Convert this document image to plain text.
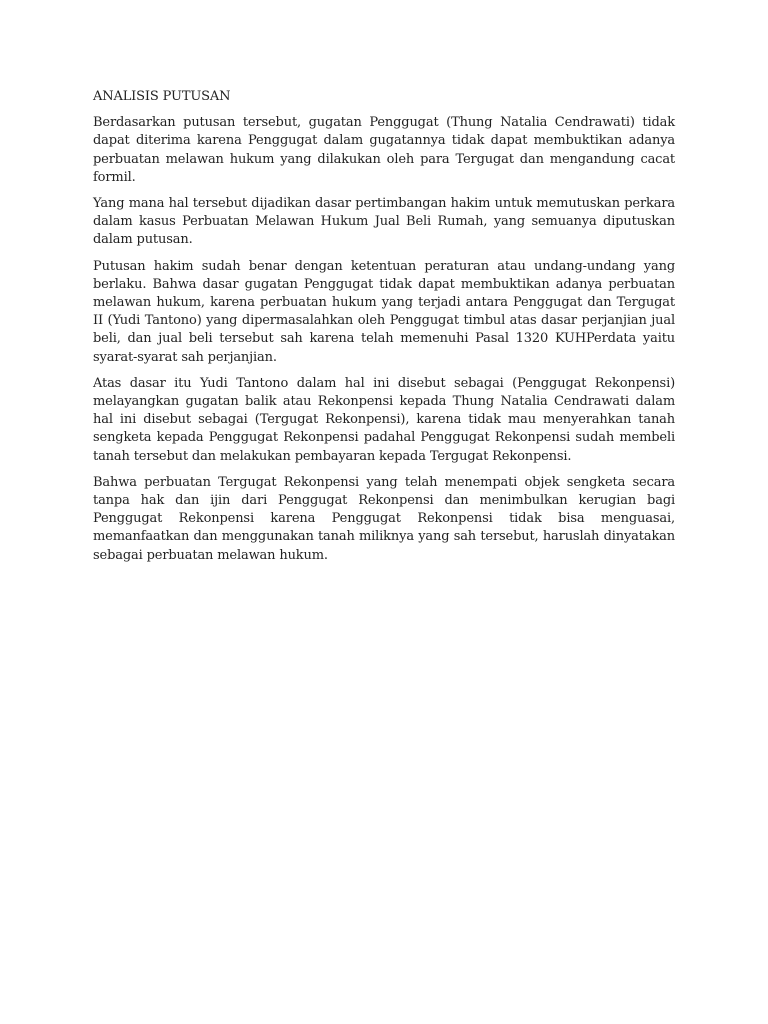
ANALISIS PUTUSAN

Berdasarkan putusan tersebut, gugatan Penggugat (Thung Natalia Cendrawati) tidak dapat diterima karena Penggugat dalam gugatannya tidak dapat membuktikan adanya perbuatan melawan hukum yang dilakukan oleh para Tergugat dan mengandung cacat formil.

Yang mana hal tersebut dijadikan dasar pertimbangan hakim untuk memutuskan perkara dalam kasus Perbuatan Melawan Hukum Jual Beli Rumah, yang semuanya diputuskan dalam putusan.

Putusan hakim sudah benar dengan ketentuan peraturan atau undang-undang yang berlaku. Bahwa dasar gugatan Penggugat tidak dapat membuktikan adanya perbuatan melawan hukum, karena perbuatan hukum yang terjadi antara Penggugat dan Tergugat II (Yudi Tantono) yang dipermasalahkan oleh Penggugat timbul atas dasar perjanjian jual beli, dan jual beli tersebut sah karena telah memenuhi Pasal 1320 KUHPerdata yaitu syarat-syarat sah perjanjian.

Atas dasar itu Yudi Tantono dalam hal ini disebut sebagai (Penggugat Rekonpensi) melayangkan gugatan balik atau Rekonpensi kepada Thung Natalia Cendrawati dalam hal ini disebut sebagai (Tergugat Rekonpensi), karena tidak mau menyerahkan tanah sengketa kepada Penggugat Rekonpensi padahal Penggugat Rekonpensi sudah membeli tanah tersebut dan melakukan pembayaran kepada Tergugat Rekonpensi.

Bahwa perbuatan Tergugat Rekonpensi yang telah menempati objek sengketa secara tanpa hak dan ijin dari Penggugat Rekonpensi dan menimbulkan kerugian bagi Penggugat Rekonpensi karena Penggugat Rekonpensi tidak bisa menguasai, memanfaatkan dan menggunakan tanah miliknya yang sah tersebut, haruslah dinyatakan sebagai perbuatan melawan hukum.
